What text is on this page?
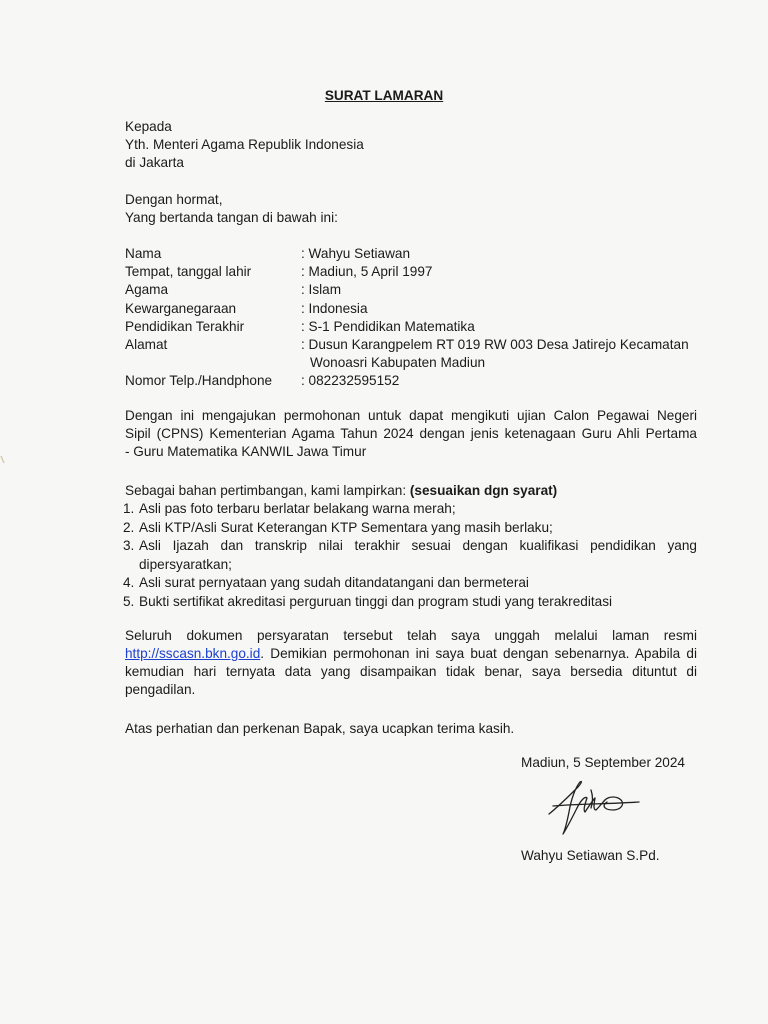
SURAT LAMARAN
Kepada
Yth. Menteri Agama Republik Indonesia
di Jakarta
Dengan hormat,
Yang bertanda tangan di bawah ini:
Nama	: Wahyu Setiawan
Tempat, tanggal lahir	: Madiun, 5 April 1997
Agama	: Islam
Kewarganegaraan	: Indonesia
Pendidikan Terakhir	: S-1 Pendidikan Matematika
Alamat	: Dusun Karangpelem RT 019 RW 003 Desa Jatirejo Kecamatan
Wonoasri Kabupaten Madiun
Nomor Telp./Handphone	: 082232595152
Dengan ini mengajukan permohonan untuk dapat mengikuti ujian Calon Pegawai Negeri
Sipil (CPNS) Kementerian Agama Tahun 2024 dengan jenis ketenagaan Guru Ahli Pertama
- Guru Matematika KANWIL Jawa Timur
Sebagai bahan pertimbangan, kami lampirkan: (sesuaikan dgn syarat)
1. Asli pas foto terbaru berlatar belakang warna merah;
2. Asli KTP/Asli Surat Keterangan KTP Sementara yang masih berlaku;
3. Asli Ijazah dan transkrip nilai terakhir sesuai dengan kualifikasi pendidikan yang
dipersyaratkan;
4. Asli surat pernyataan yang sudah ditandatangani dan bermeterai
5. Bukti sertifikat akreditasi perguruan tinggi dan program studi yang terakreditasi
Seluruh dokumen persyaratan tersebut telah saya unggah melalui laman resmi
http://sscasn.bkn.go.id. Demikian permohonan ini saya buat dengan sebenarnya. Apabila di
kemudian hari ternyata data yang disampaikan tidak benar, saya bersedia dituntut di
pengadilan.
Atas perhatian dan perkenan Bapak, saya ucapkan terima kasih.
Madiun, 5 September 2024
Wahyu Setiawan S.Pd.
